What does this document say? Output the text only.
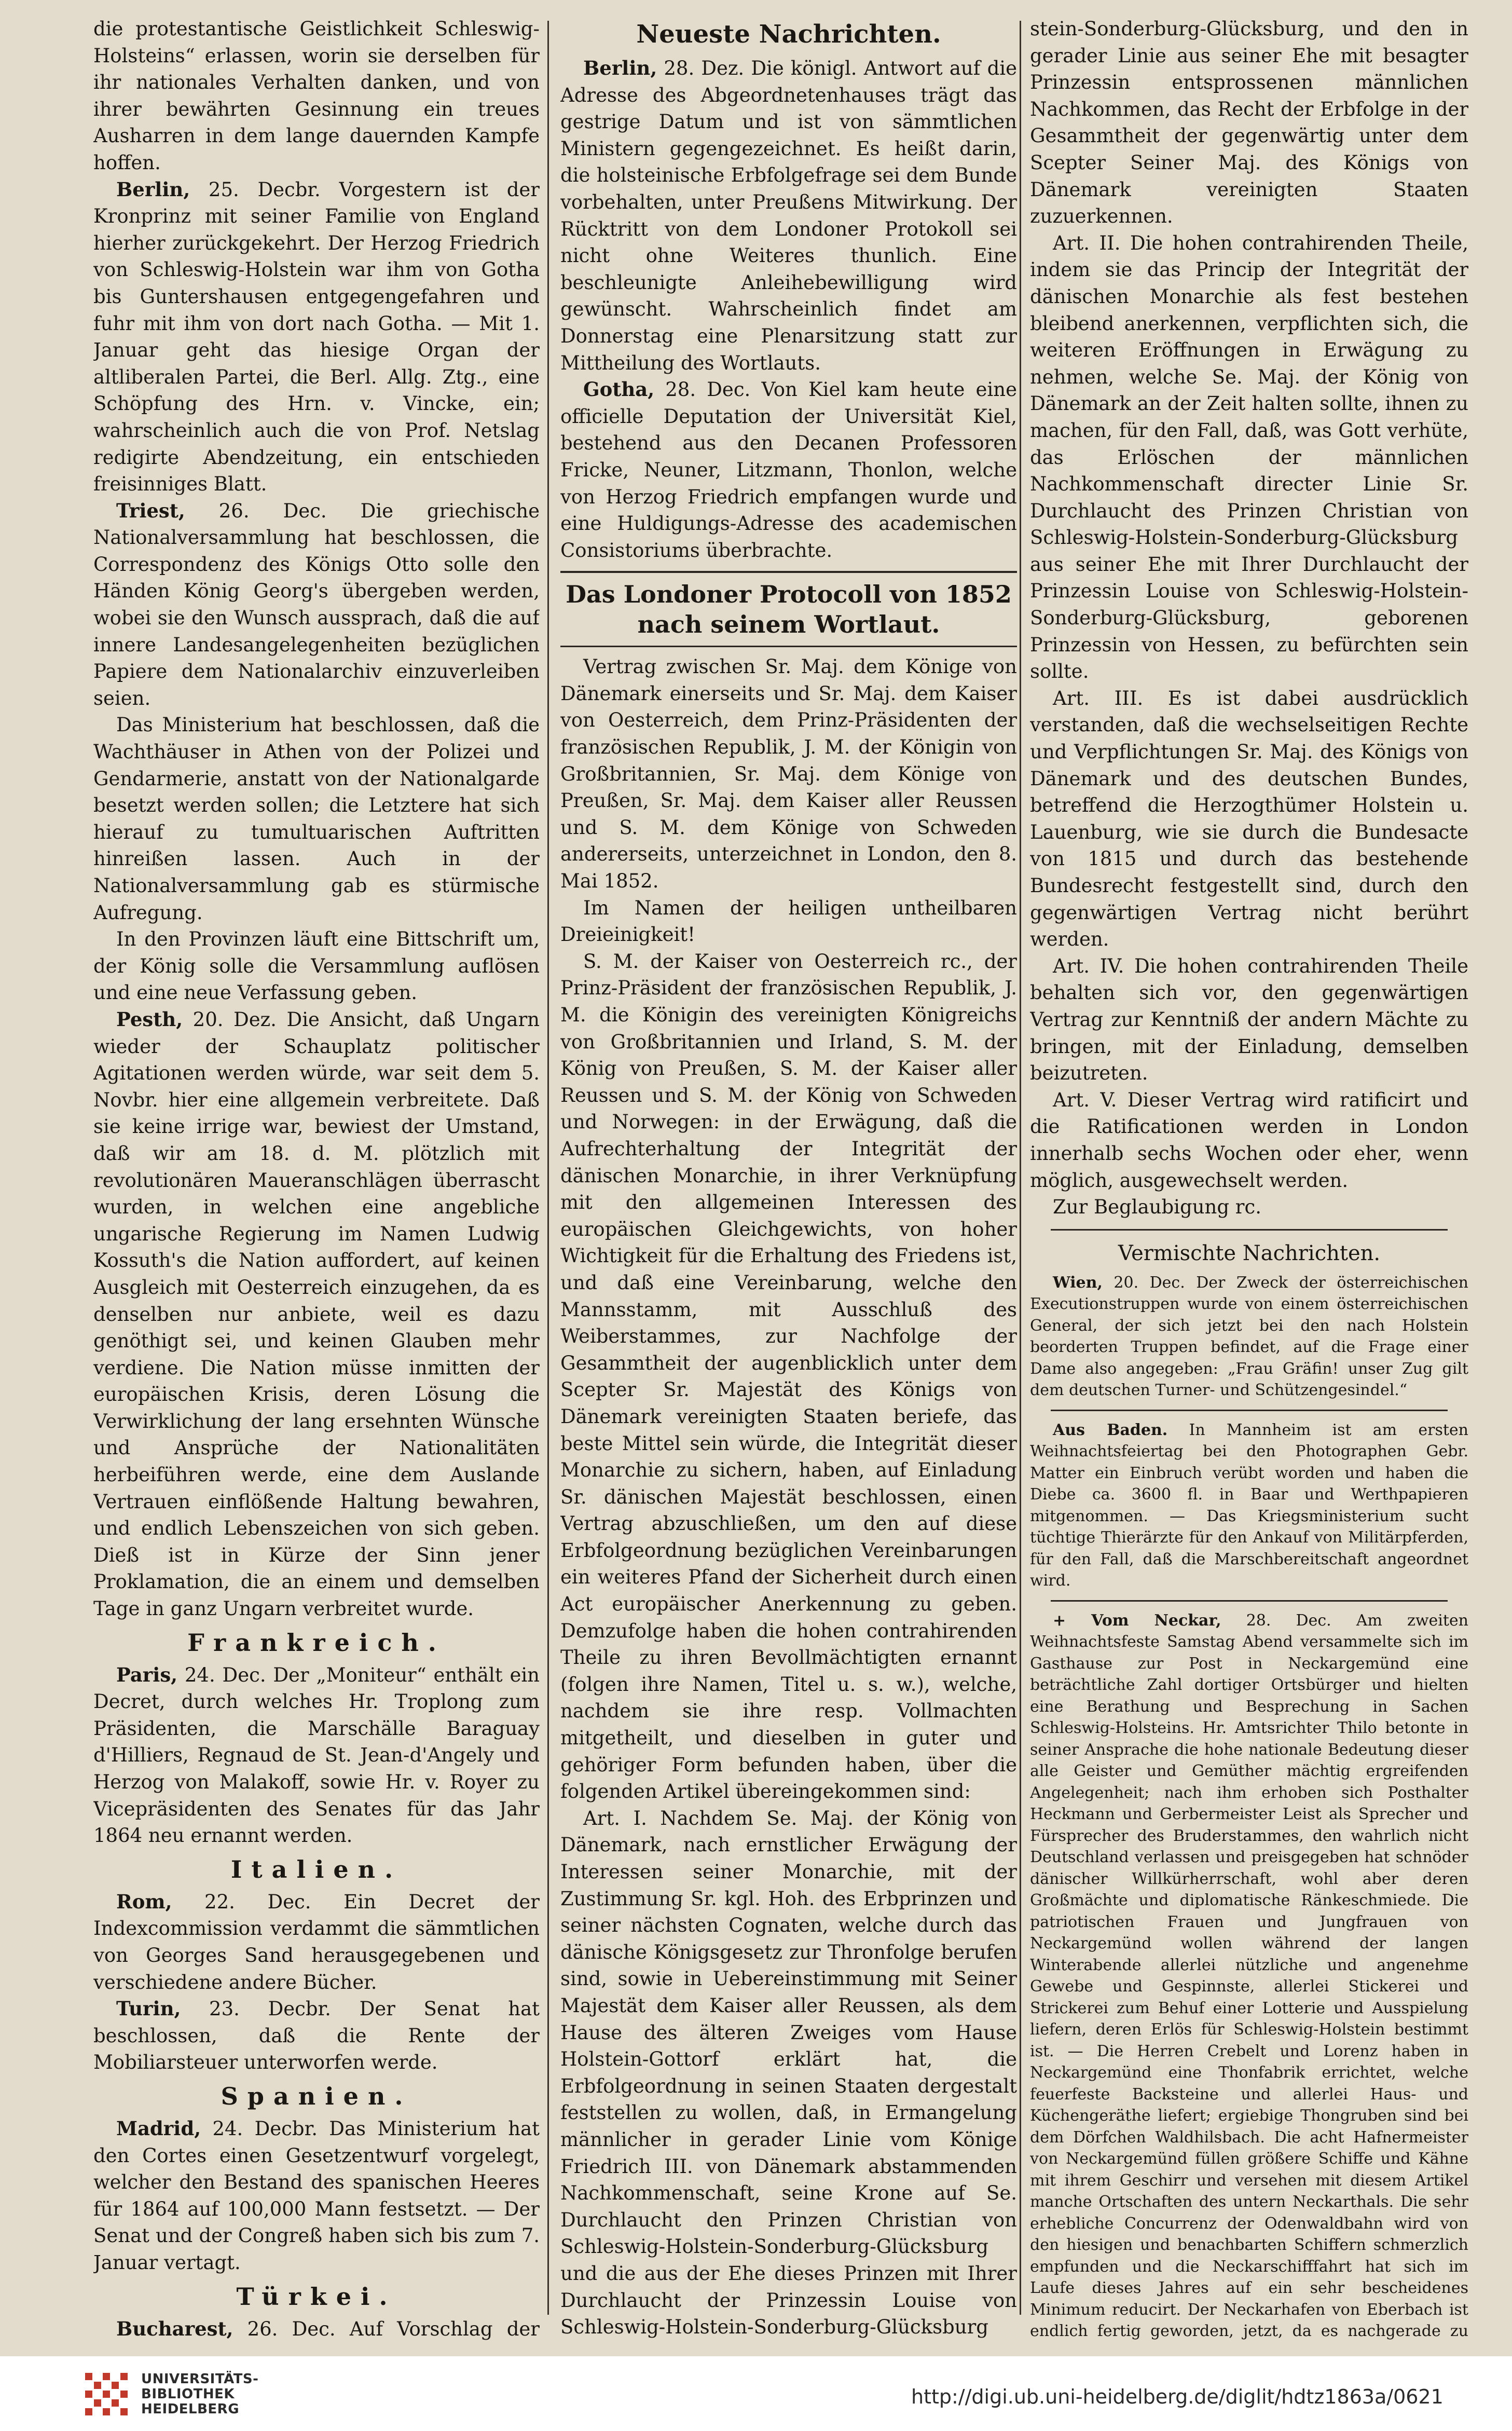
die protestantische Geistlichkeit Schleswig-Holsteins“ erlassen, worin sie derselben für ihr nationales Verhalten danken, und von ihrer bewährten Gesinnung ein treues Ausharren in dem lange dauernden Kampfe hoffen.

Berlin, 25. Decbr. Vorgestern ist der Kronprinz mit seiner Familie von England hierher zurückgekehrt. Der Herzog Friedrich von Schleswig-Holstein war ihm von Gotha bis Guntershausen entgegengefahren und fuhr mit ihm von dort nach Gotha. — Mit 1. Januar geht das hiesige Organ der altliberalen Partei, die Berl. Allg. Ztg., eine Schöpfung des Hrn. v. Vincke, ein; wahrscheinlich auch die von Prof. Netslag redigirte Abendzeitung, ein entschieden freisinniges Blatt.

Triest, 26. Dec. Die griechische Nationalversammlung hat beschlossen, die Correspondenz des Königs Otto solle den Händen König Georg's übergeben werden, wobei sie den Wunsch aussprach, daß die auf innere Landesangelegenheiten bezüglichen Papiere dem Nationalarchiv einzuverleiben seien.

Das Ministerium hat beschlossen, daß die Wachthäuser in Athen von der Polizei und Gendarmerie, anstatt von der Nationalgarde besetzt werden sollen; die Letztere hat sich hierauf zu tumultuarischen Auftritten hinreißen lassen. Auch in der Nationalversammlung gab es stürmische Aufregung.

In den Provinzen läuft eine Bittschrift um, der König solle die Versammlung auflösen und eine neue Verfassung geben.

Pesth, 20. Dez. Die Ansicht, daß Ungarn wieder der Schauplatz politischer Agitationen werden würde, war seit dem 5. Novbr. hier eine allgemein verbreitete. Daß sie keine irrige war, bewiest der Umstand, daß wir am 18. d. M. plötzlich mit revolutionären Maueranschlägen überrascht wurden, in welchen eine angebliche ungarische Regierung im Namen Ludwig Kossuth's die Nation auffordert, auf keinen Ausgleich mit Oesterreich einzugehen, da es denselben nur anbiete, weil es dazu genöthigt sei, und keinen Glauben mehr verdiene. Die Nation müsse inmitten der europäischen Krisis, deren Lösung die Verwirklichung der lang ersehnten Wünsche und Ansprüche der Nationalitäten herbeiführen werde, eine dem Auslande Vertrauen einflößende Haltung bewahren, und endlich Lebenszeichen von sich geben. Dieß ist in Kürze der Sinn jener Proklamation, die an einem und demselben Tage in ganz Ungarn verbreitet wurde.

Frankreich.

Paris, 24. Dec. Der „Moniteur“ enthält ein Decret, durch welches Hr. Troplong zum Präsidenten, die Marschälle Baraguay d'Hilliers, Regnaud de St. Jean-d'Angely und Herzog von Malakoff, sowie Hr. v. Royer zu Vicepräsidenten des Senates für das Jahr 1864 neu ernannt werden.

Italien.

Rom, 22. Dec. Ein Decret der Indexcommission verdammt die sämmtlichen von Georges Sand herausgegebenen und verschiedene andere Bücher.

Turin, 23. Decbr. Der Senat hat beschlossen, daß die Rente der Mobiliarsteuer unterworfen werde.

Spanien.

Madrid, 24. Decbr. Das Ministerium hat den Cortes einen Gesetzentwurf vorgelegt, welcher den Bestand des spanischen Heeres für 1864 auf 100,000 Mann festsetzt. — Der Senat und der Congreß haben sich bis zum 7. Januar vertagt.

Türkei.

Bucharest, 26. Dec. Auf Vorschlag der

Neueste Nachrichten.

Berlin, 28. Dez. Die königl. Antwort auf die Adresse des Abgeordnetenhauses trägt das gestrige Datum und ist von sämmtlichen Ministern gegengezeichnet. Es heißt darin, die holsteinische Erbfolgefrage sei dem Bunde vorbehalten, unter Preußens Mitwirkung. Der Rücktritt von dem Londoner Protokoll sei nicht ohne Weiteres thunlich. Eine beschleunigte Anleihebewilligung wird gewünscht. Wahrscheinlich findet am Donnerstag eine Plenarsitzung statt zur Mittheilung des Wortlauts.

Gotha, 28. Dec. Von Kiel kam heute eine officielle Deputation der Universität Kiel, bestehend aus den Decanen Professoren Fricke, Neuner, Litzmann, Thonlon, welche von Herzog Friedrich empfangen wurde und eine Huldigungs-Adresse des academischen Consistoriums überbrachte.

Das Londoner Protocoll von 1852 nach seinem Wortlaut.

Vertrag zwischen Sr. Maj. dem Könige von Dänemark einerseits und Sr. Maj. dem Kaiser von Oesterreich, dem Prinz-Präsidenten der französischen Republik, J. M. der Königin von Großbritannien, Sr. Maj. dem Könige von Preußen, Sr. Maj. dem Kaiser aller Reussen und S. M. dem Könige von Schweden andererseits, unterzeichnet in London, den 8. Mai 1852.

Im Namen der heiligen untheilbaren Dreieinigkeit!

S. M. der Kaiser von Oesterreich rc., der Prinz-Präsident der französischen Republik, J. M. die Königin des vereinigten Königreichs von Großbritannien und Irland, S. M. der König von Preußen, S. M. der Kaiser aller Reussen und S. M. der König von Schweden und Norwegen: in der Erwägung, daß die Aufrechterhaltung der Integrität der dänischen Monarchie, in ihrer Verknüpfung mit den allgemeinen Interessen des europäischen Gleichgewichts, von hoher Wichtigkeit für die Erhaltung des Friedens ist, und daß eine Vereinbarung, welche den Mannsstamm, mit Ausschluß des Weiberstammes, zur Nachfolge der Gesammtheit der augenblicklich unter dem Scepter Sr. Majestät des Königs von Dänemark vereinigten Staaten beriefe, das beste Mittel sein würde, die Integrität dieser Monarchie zu sichern, haben, auf Einladung Sr. dänischen Majestät beschlossen, einen Vertrag abzuschließen, um den auf diese Erbfolgeordnung bezüglichen Vereinbarungen ein weiteres Pfand der Sicherheit durch einen Act europäischer Anerkennung zu geben. Demzufolge haben die hohen contrahirenden Theile zu ihren Bevollmächtigten ernannt (folgen ihre Namen, Titel u. s. w.), welche, nachdem sie ihre resp. Vollmachten mitgetheilt, und dieselben in guter und gehöriger Form befunden haben, über die folgenden Artikel übereingekommen sind:

Art. I. Nachdem Se. Maj. der König von Dänemark, nach ernstlicher Erwägung der Interessen seiner Monarchie, mit der Zustimmung Sr. kgl. Hoh. des Erbprinzen und seiner nächsten Cognaten, welche durch das dänische Königsgesetz zur Thronfolge berufen sind, sowie in Uebereinstimmung mit Seiner Majestät dem Kaiser aller Reussen, als dem Hause des älteren Zweiges vom Hause Holstein-Gottorf erklärt hat, die Erbfolgeordnung in seinen Staaten dergestalt feststellen zu wollen, daß, in Ermangelung männlicher in gerader Linie vom Könige Friedrich III. von Dänemark abstammenden Nachkommenschaft, seine Krone auf Se. Durchlaucht den Prinzen Christian von Schleswig-Holstein-Sonderburg-Glücksburg und die aus der Ehe dieses Prinzen mit Ihrer Durchlaucht der Prinzessin Louise von Schleswig-Holstein-Sonderburg-Glücksburg

stein-Sonderburg-Glücksburg, und den in gerader Linie aus seiner Ehe mit besagter Prinzessin entsprossenen männlichen Nachkommen, das Recht der Erbfolge in der Gesammtheit der gegenwärtig unter dem Scepter Seiner Maj. des Königs von Dänemark vereinigten Staaten zuzuerkennen.

Art. II. Die hohen contrahirenden Theile, indem sie das Princip der Integrität der dänischen Monarchie als fest bestehen bleibend anerkennen, verpflichten sich, die weiteren Eröffnungen in Erwägung zu nehmen, welche Se. Maj. der König von Dänemark an der Zeit halten sollte, ihnen zu machen, für den Fall, daß, was Gott verhüte, das Erlöschen der männlichen Nachkommenschaft directer Linie Sr. Durchlaucht des Prinzen Christian von Schleswig-Holstein-Sonderburg-Glücksburg aus seiner Ehe mit Ihrer Durchlaucht der Prinzessin Louise von Schleswig-Holstein-Sonderburg-Glücksburg, geborenen Prinzessin von Hessen, zu befürchten sein sollte.

Art. III. Es ist dabei ausdrücklich verstanden, daß die wechselseitigen Rechte und Verpflichtungen Sr. Maj. des Königs von Dänemark und des deutschen Bundes, betreffend die Herzogthümer Holstein u. Lauenburg, wie sie durch die Bundesacte von 1815 und durch das bestehende Bundesrecht festgestellt sind, durch den gegenwärtigen Vertrag nicht berührt werden.

Art. IV. Die hohen contrahirenden Theile behalten sich vor, den gegenwärtigen Vertrag zur Kenntniß der andern Mächte zu bringen, mit der Einladung, demselben beizutreten.

Art. V. Dieser Vertrag wird ratificirt und die Ratificationen werden in London innerhalb sechs Wochen oder eher, wenn möglich, ausgewechselt werden.

Zur Beglaubigung rc.

Vermischte Nachrichten.

Wien, 20. Dec. Der Zweck der österreichischen Executionstruppen wurde von einem österreichischen General, der sich jetzt bei den nach Holstein beorderten Truppen befindet, auf die Frage einer Dame also angegeben: „Frau Gräfin! unser Zug gilt dem deutschen Turner- und Schützengesindel.“

Aus Baden. In Mannheim ist am ersten Weihnachtsfeiertag bei den Photographen Gebr. Matter ein Einbruch verübt worden und haben die Diebe ca. 3600 fl. in Baar und Werthpapieren mitgenommen. — Das Kriegsministerium sucht tüchtige Thierärzte für den Ankauf von Militärpferden, für den Fall, daß die Marschbereitschaft angeordnet wird.

+ Vom Neckar, 28. Dec. Am zweiten Weihnachtsfeste Samstag Abend versammelte sich im Gasthause zur Post in Neckargemünd eine beträchtliche Zahl dortiger Ortsbürger und hielten eine Berathung und Besprechung in Sachen Schleswig-Holsteins. Hr. Amtsrichter Thilo betonte in seiner Ansprache die hohe nationale Bedeutung dieser alle Geister und Gemüther mächtig ergreifenden Angelegenheit; nach ihm erhoben sich Posthalter Heckmann und Gerbermeister Leist als Sprecher und Fürsprecher des Bruderstammes, den wahrlich nicht Deutschland verlassen und preisgegeben hat schnöder dänischer Willkürherrschaft, wohl aber deren Großmächte und diplomatische Ränkeschmiede. Die patriotischen Frauen und Jungfrauen von Neckargemünd wollen während der langen Winterabende allerlei nützliche und angenehme Gewebe und Gespinnste, allerlei Stickerei und Strickerei zum Behuf einer Lotterie und Ausspielung liefern, deren Erlös für Schleswig-Holstein bestimmt ist. — Die Herren Crebelt und Lorenz haben in Neckargemünd eine Thonfabrik errichtet, welche feuerfeste Backsteine und allerlei Haus- und Küchengeräthe liefert; ergiebige Thongruben sind bei dem Dörfchen Waldhilsbach. Die acht Hafnermeister von Neckargemünd füllen größere Schiffe und Kähne mit ihrem Geschirr und versehen mit diesem Artikel manche Ortschaften des untern Neckarthals. Die sehr erhebliche Concurrenz der Odenwaldbahn wird von den hiesigen und benachbarten Schiffern schmerzlich empfunden und die Neckarschifffahrt hat sich im Laufe dieses Jahres auf ein sehr bescheidenes Minimum reducirt. Der Neckarhafen von Eberbach ist endlich fertig geworden, jetzt, da es nachgerade zu

UNIVERSITÄTS-
BIBLIOTHEK
HEIDELBERG
http://digi.ub.uni-heidelberg.de/diglit/hdtz1863a/0621
